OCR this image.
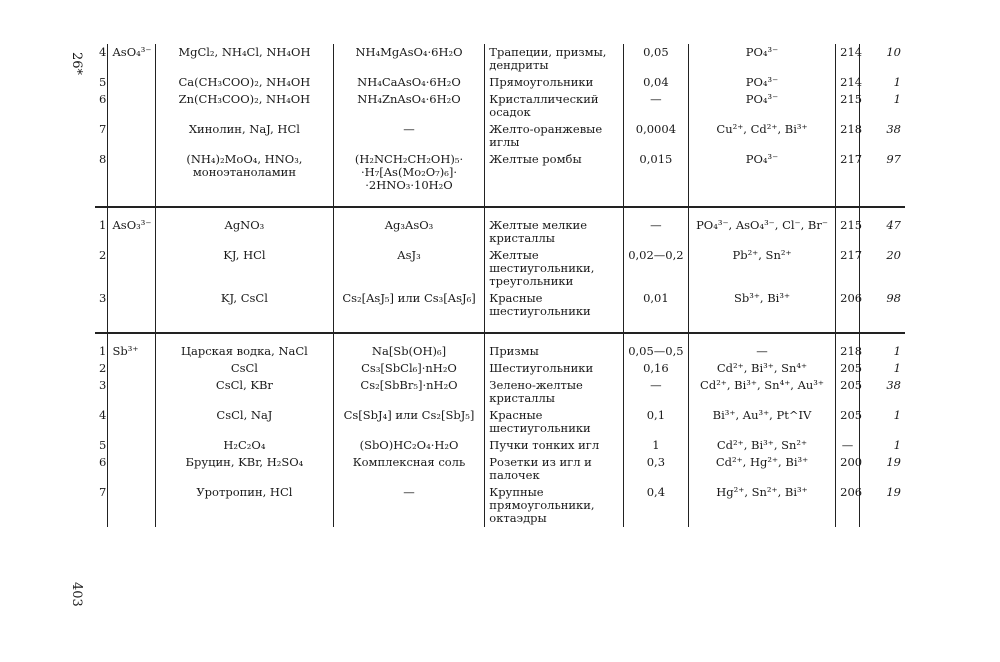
26*
403
4	AsO₄³⁻	MgCl₂, NH₄Cl, NH₄OH	NH₄MgAsO₄·6H₂O	Трапеции, призмы, дендриты	0,05	PO₄³⁻	214	10
5		Ca(CH₃COO)₂, NH₄OH	NH₄CaAsO₄·6H₂O	Прямоугольники	0,04	PO₄³⁻	214	1
6		Zn(CH₃COO)₂, NH₄OH	NH₄ZnAsO₄·6H₂O	Кристаллический осадок	—	PO₄³⁻	215	1
7		Хинолин, NaJ, HCl	—	Желто-оранжевые иглы	0,0004	Cu²⁺, Cd²⁺, Bi³⁺	218	38
8		(NH₄)₂MoO₄, HNO₃, моноэтаноламин	(H₂NCH₂CH₂OH)₅· ·H₇[As(Mo₂O₇)₆]· ·2HNO₃·10H₂O	Желтые ромбы	0,015	PO₄³⁻	217	97

1	AsO₃³⁻	AgNO₃	Ag₃AsO₃	Желтые мелкие кристаллы	—	PO₄³⁻, AsO₄³⁻, Cl⁻, Br⁻	215	47
2		KJ, HCl	AsJ₃	Желтые шестиугольники, треугольники	0,02—0,2	Pb²⁺, Sn²⁺	217	20
3		KJ, CsCl	Cs₂[AsJ₅] или Cs₃[AsJ₆]	Красные шестиугольники	0,01	Sb³⁺, Bi³⁺	206	98

1	Sb³⁺	Царская водка, NaCl	Na[Sb(OH)₆]	Призмы	0,05—0,5	—	218	1
2		CsCl	Cs₃[SbCl₆]·nH₂O	Шестиугольники	0,16	Cd²⁺, Bi³⁺, Sn⁴⁺	205	1
3		CsCl, KBr	Cs₂[SbBr₅]·nH₂O	Зелено-желтые кристаллы	—	Cd²⁺, Bi³⁺, Sn⁴⁺, Au³⁺	205	38
4		CsCl, NaJ	Cs[SbJ₄] или Cs₂[SbJ₅]	Красные шестиугольники	0,1	Bi³⁺, Au³⁺, Pt^IV	205	1
5		H₂C₂O₄	(SbO)HC₂O₄·H₂O	Пучки тонких игл	1	Cd²⁺, Bi³⁺, Sn²⁺	—	1
6		Бруцин, KBr, H₂SO₄	Комплексная соль	Розетки из игл и палочек	0,3	Cd²⁺, Hg²⁺, Bi³⁺	200	19
7		Уротропин, HCl	—	Крупные прямоугольники, октаэдры	0,4	Hg²⁺, Sn²⁺, Bi³⁺	206	19
